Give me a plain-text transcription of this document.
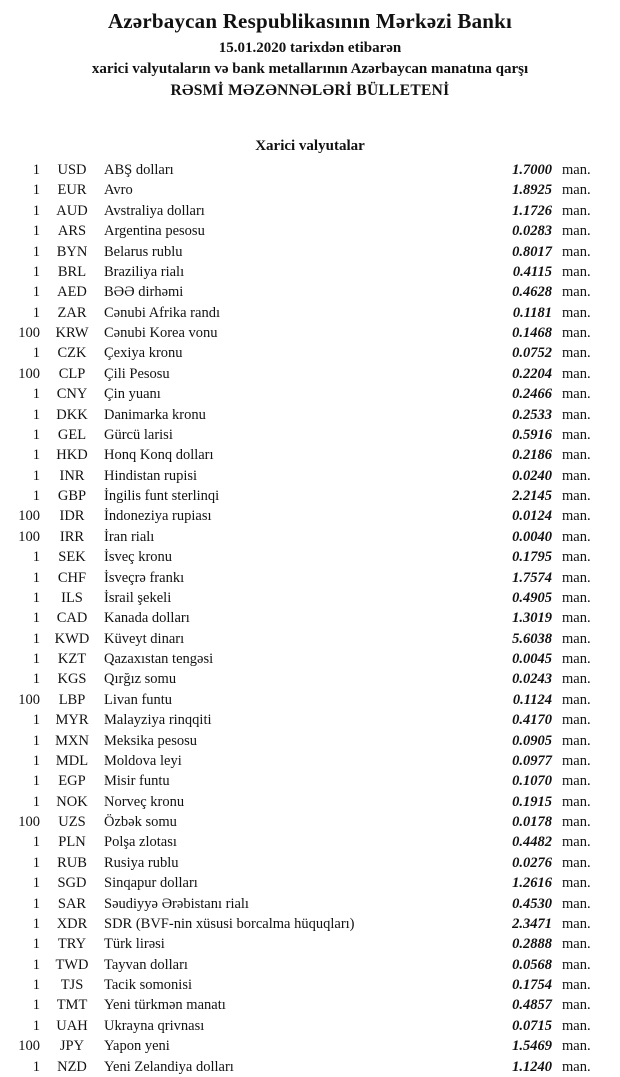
Azərbaycan Respublikasının Mərkəzi Bankı
15.01.2020 tarixdən etibarən
xarici valyutaların və bank metallarının Azərbaycan manatına qarşı
RƏSMİ MƏZƏNNƏLƏRİ BÜLLETENİ
Xarici valyutalar
1	USD	ABŞ dolları	1.7000 man.
1	EUR	Avro	1.8925 man.
1	AUD	Avstraliya dolları	1.1726 man.
1	ARS	Argentina pesosu	0.0283 man.
1	BYN	Belarus rublu	0.8017 man.
1	BRL	Braziliya rialı	0.4115 man.
1	AED	BƏƏ dirhəmi	0.4628 man.
1	ZAR	Cənubi Afrika randı	0.1181 man.
100	KRW	Cənubi Korea vonu	0.1468 man.
1	CZK	Çexiya kronu	0.0752 man.
100	CLP	Çili Pesosu	0.2204 man.
1	CNY	Çin yuanı	0.2466 man.
1	DKK	Danimarka kronu	0.2533 man.
1	GEL	Gürcü larisi	0.5916 man.
1	HKD	Honq Konq dolları	0.2186 man.
1	INR	Hindistan rupisi	0.0240 man.
1	GBP	İngilis funt sterlinqi	2.2145 man.
100	IDR	İndoneziya rupiası	0.0124 man.
100	IRR	İran rialı	0.0040 man.
1	SEK	İsveç kronu	0.1795 man.
1	CHF	İsveçrə frankı	1.7574 man.
1	ILS	İsrail şekeli	0.4905 man.
1	CAD	Kanada dolları	1.3019 man.
1	KWD	Küveyt dinarı	5.6038 man.
1	KZT	Qazaxıstan tengəsi	0.0045 man.
1	KGS	Qırğız somu	0.0243 man.
100	LBP	Livan funtu	0.1124 man.
1	MYR	Malayziya rinqqiti	0.4170 man.
1	MXN	Meksika pesosu	0.0905 man.
1	MDL	Moldova leyi	0.0977 man.
1	EGP	Misir funtu	0.1070 man.
1	NOK	Norveç kronu	0.1915 man.
100	UZS	Özbək somu	0.0178 man.
1	PLN	Polşa zlotası	0.4482 man.
1	RUB	Rusiya rublu	0.0276 man.
1	SGD	Sinqapur dolları	1.2616 man.
1	SAR	Səudiyyə Ərəbistanı rialı	0.4530 man.
1	XDR	SDR (BVF-nin xüsusi borcalma hüquqları)	2.3471 man.
1	TRY	Türk lirəsi	0.2888 man.
1	TWD	Tayvan dolları	0.0568 man.
1	TJS	Tacik somonisi	0.1754 man.
1	TMT	Yeni türkmən manatı	0.4857 man.
1	UAH	Ukrayna qrivnası	0.0715 man.
100	JPY	Yapon yeni	1.5469 man.
1	NZD	Yeni Zelandiya dolları	1.1240 man.
